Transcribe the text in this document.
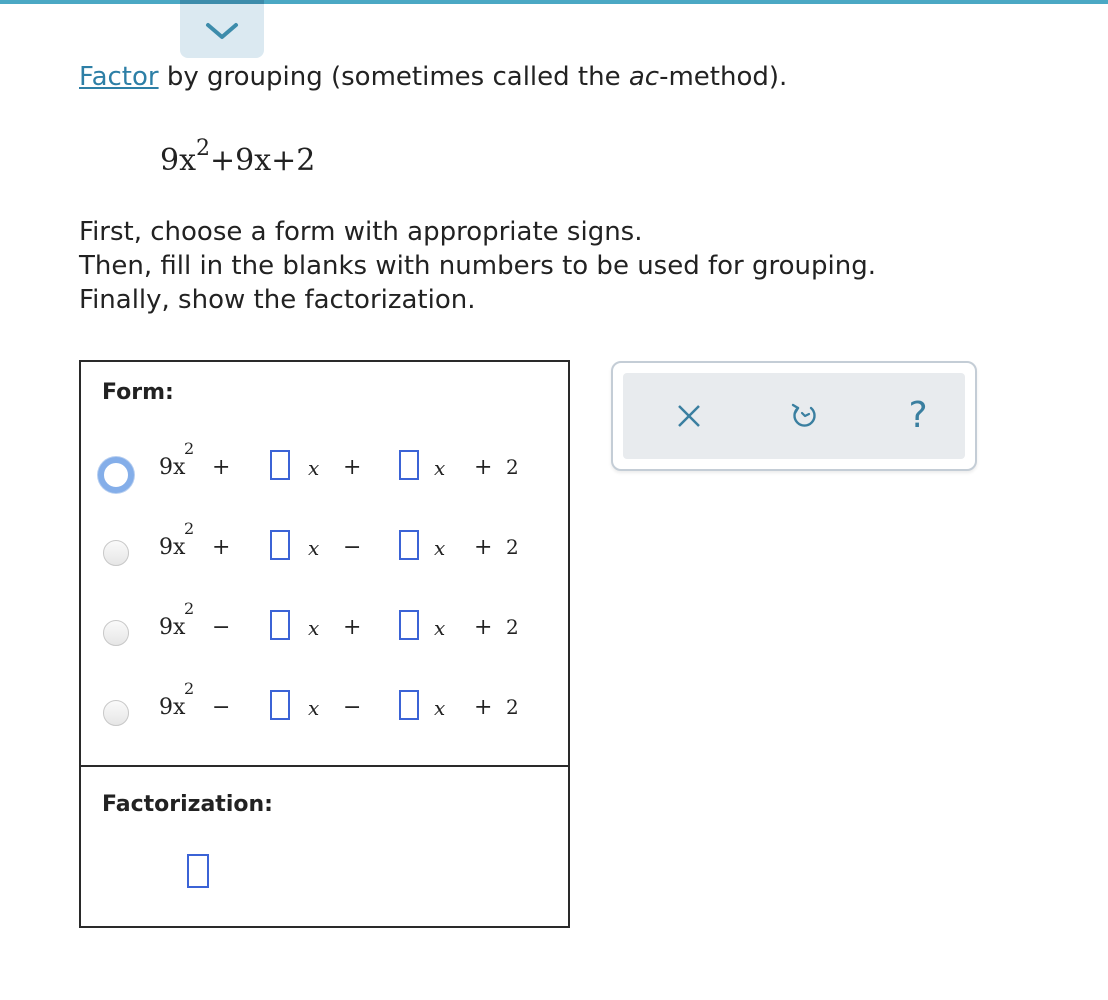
Factor by grouping (sometimes called the ac-method).

$9x^2+9x+2$
First, choose a form with appropriate signs.
Then, fill in the blanks with numbers to be used for grouping.
Finally, show the factorization.

Form:

9x
2
+	x +	x + 2
9x
2
+	x −	x + 2
9x
2
−	x +	x + 2
9x
2
−	x −	x + 2

Factorization:

?
